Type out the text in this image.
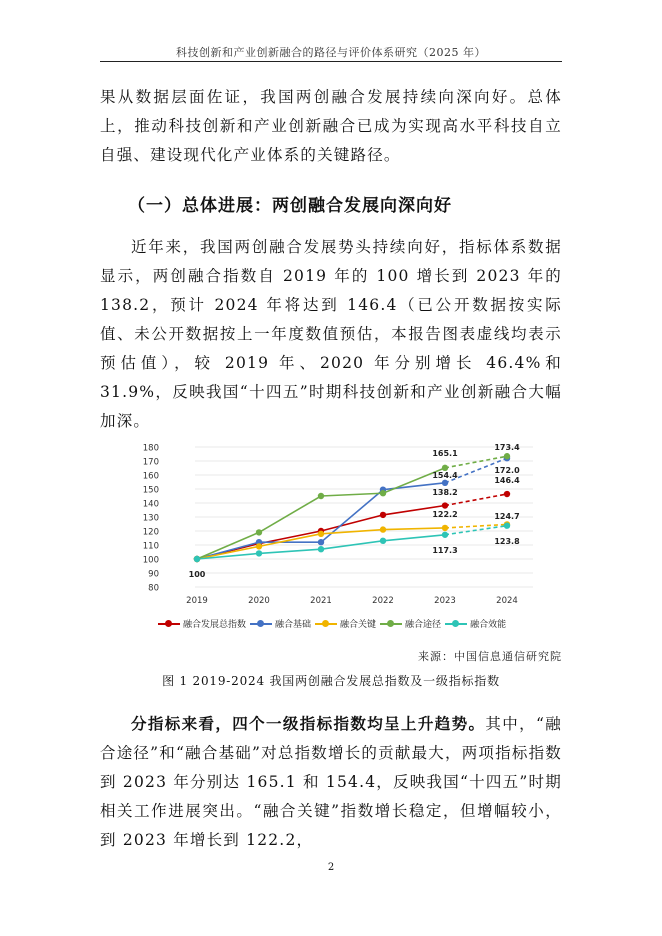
科技创新和产业创新融合的路径与评价体系研究（2025 年）
果从数据层面佐证，我国两创融合发展持续向深向好。总体上，推动科技创新和产业创新融合已成为实现高水平科技自立自强、建设现代化产业体系的关键路径。
（一）总体进展：两创融合发展向深向好
近年来，我国两创融合发展势头持续向好，指标体系数据显示，两创融合指数自 2019 年的 100 增长到 2023 年的 138.2，预计 2024 年将达到 146.4（已公开数据按实际值、未公开数据按上一年度数值预估，本报告图表虚线均表示预估值），较 2019 年、2020 年分别增长 46.4%和 31.9%，反映我国“十四五”时期科技创新和产业创新融合大幅加深。
80
90
100
110
120
130
140
150
160
170
180
2019	2020	2021	2022	2023	2024
100
165.1
154.4
138.2
122.2
117.3
173.4
172.0
146.4
124.7
123.8
融合发展总指数	融合基础	融合关键	融合途径	融合效能
来源：中国信息通信研究院
图 1 2019-2024 我国两创融合发展总指数及一级指标指数
分指标来看，四个一级指标指数均呈上升趋势。其中，“融合途径”和“融合基础”对总指数增长的贡献最大，两项指标指数到 2023 年分别达 165.1 和 154.4，反映我国“十四五”时期相关工作进展突出。“融合关键”指数增长稳定，但增幅较小，到 2023 年增长到 122.2，
2
